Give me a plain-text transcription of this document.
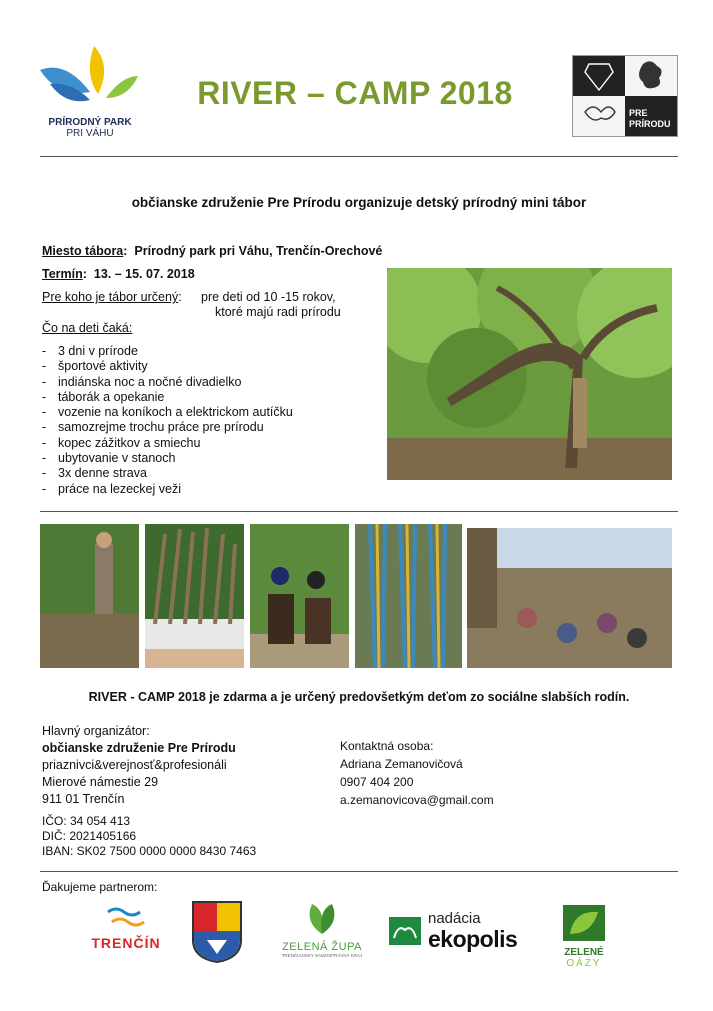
PRÍRODNÝ PARK
PRI VÁHU
RIVER – CAMP 2018
PRE
PRÍRODU
občianske združenie Pre Prírodu organizuje detský prírodný mini tábor
Miesto tábora: Prírodný park pri Váhu, Trenčín-Orechové
Termín: 13. – 15. 07. 2018
Pre koho je tábor určený: pre deti od 10 -15 rokov,
ktoré majú radi prírodu
Čo na deti čaká:
- 3 dni v prírode
- športové aktivity
- indiánska noc a nočné divadielko
- táborák a opekanie
- vozenie na koníkoch a elektrickom autíčku
- samozrejme trochu práce pre prírodu
- kopec zážitkov a smiechu
- ubytovanie v stanoch
- 3x denne strava
- práce na lezeckej veži
RIVER - CAMP 2018 je zdarma a je určený predovšetkým deťom zo sociálne slabších rodín.
Hlavný organizátor:
občianske združenie Pre Prírodu
priaznivci&verejnosť&profesionáli
Mierové námestie 29
911 01 Trenčín
Kontaktná osoba:
Adriana Zemanovičová
0907 404 200
a.zemanovicova@gmail.com
IČO: 34 054 413
DIČ: 2021405166
IBAN: SK02 7500 0000 0000 8430 7463
Ďakujeme partnerom:
TRENČÍN	ZELENÁ ŽUPA
TRENČIANSKY SAMOSPRÁVNY KRAJ
nadácia
ekopolis
ZELENÉ
OÁZY
